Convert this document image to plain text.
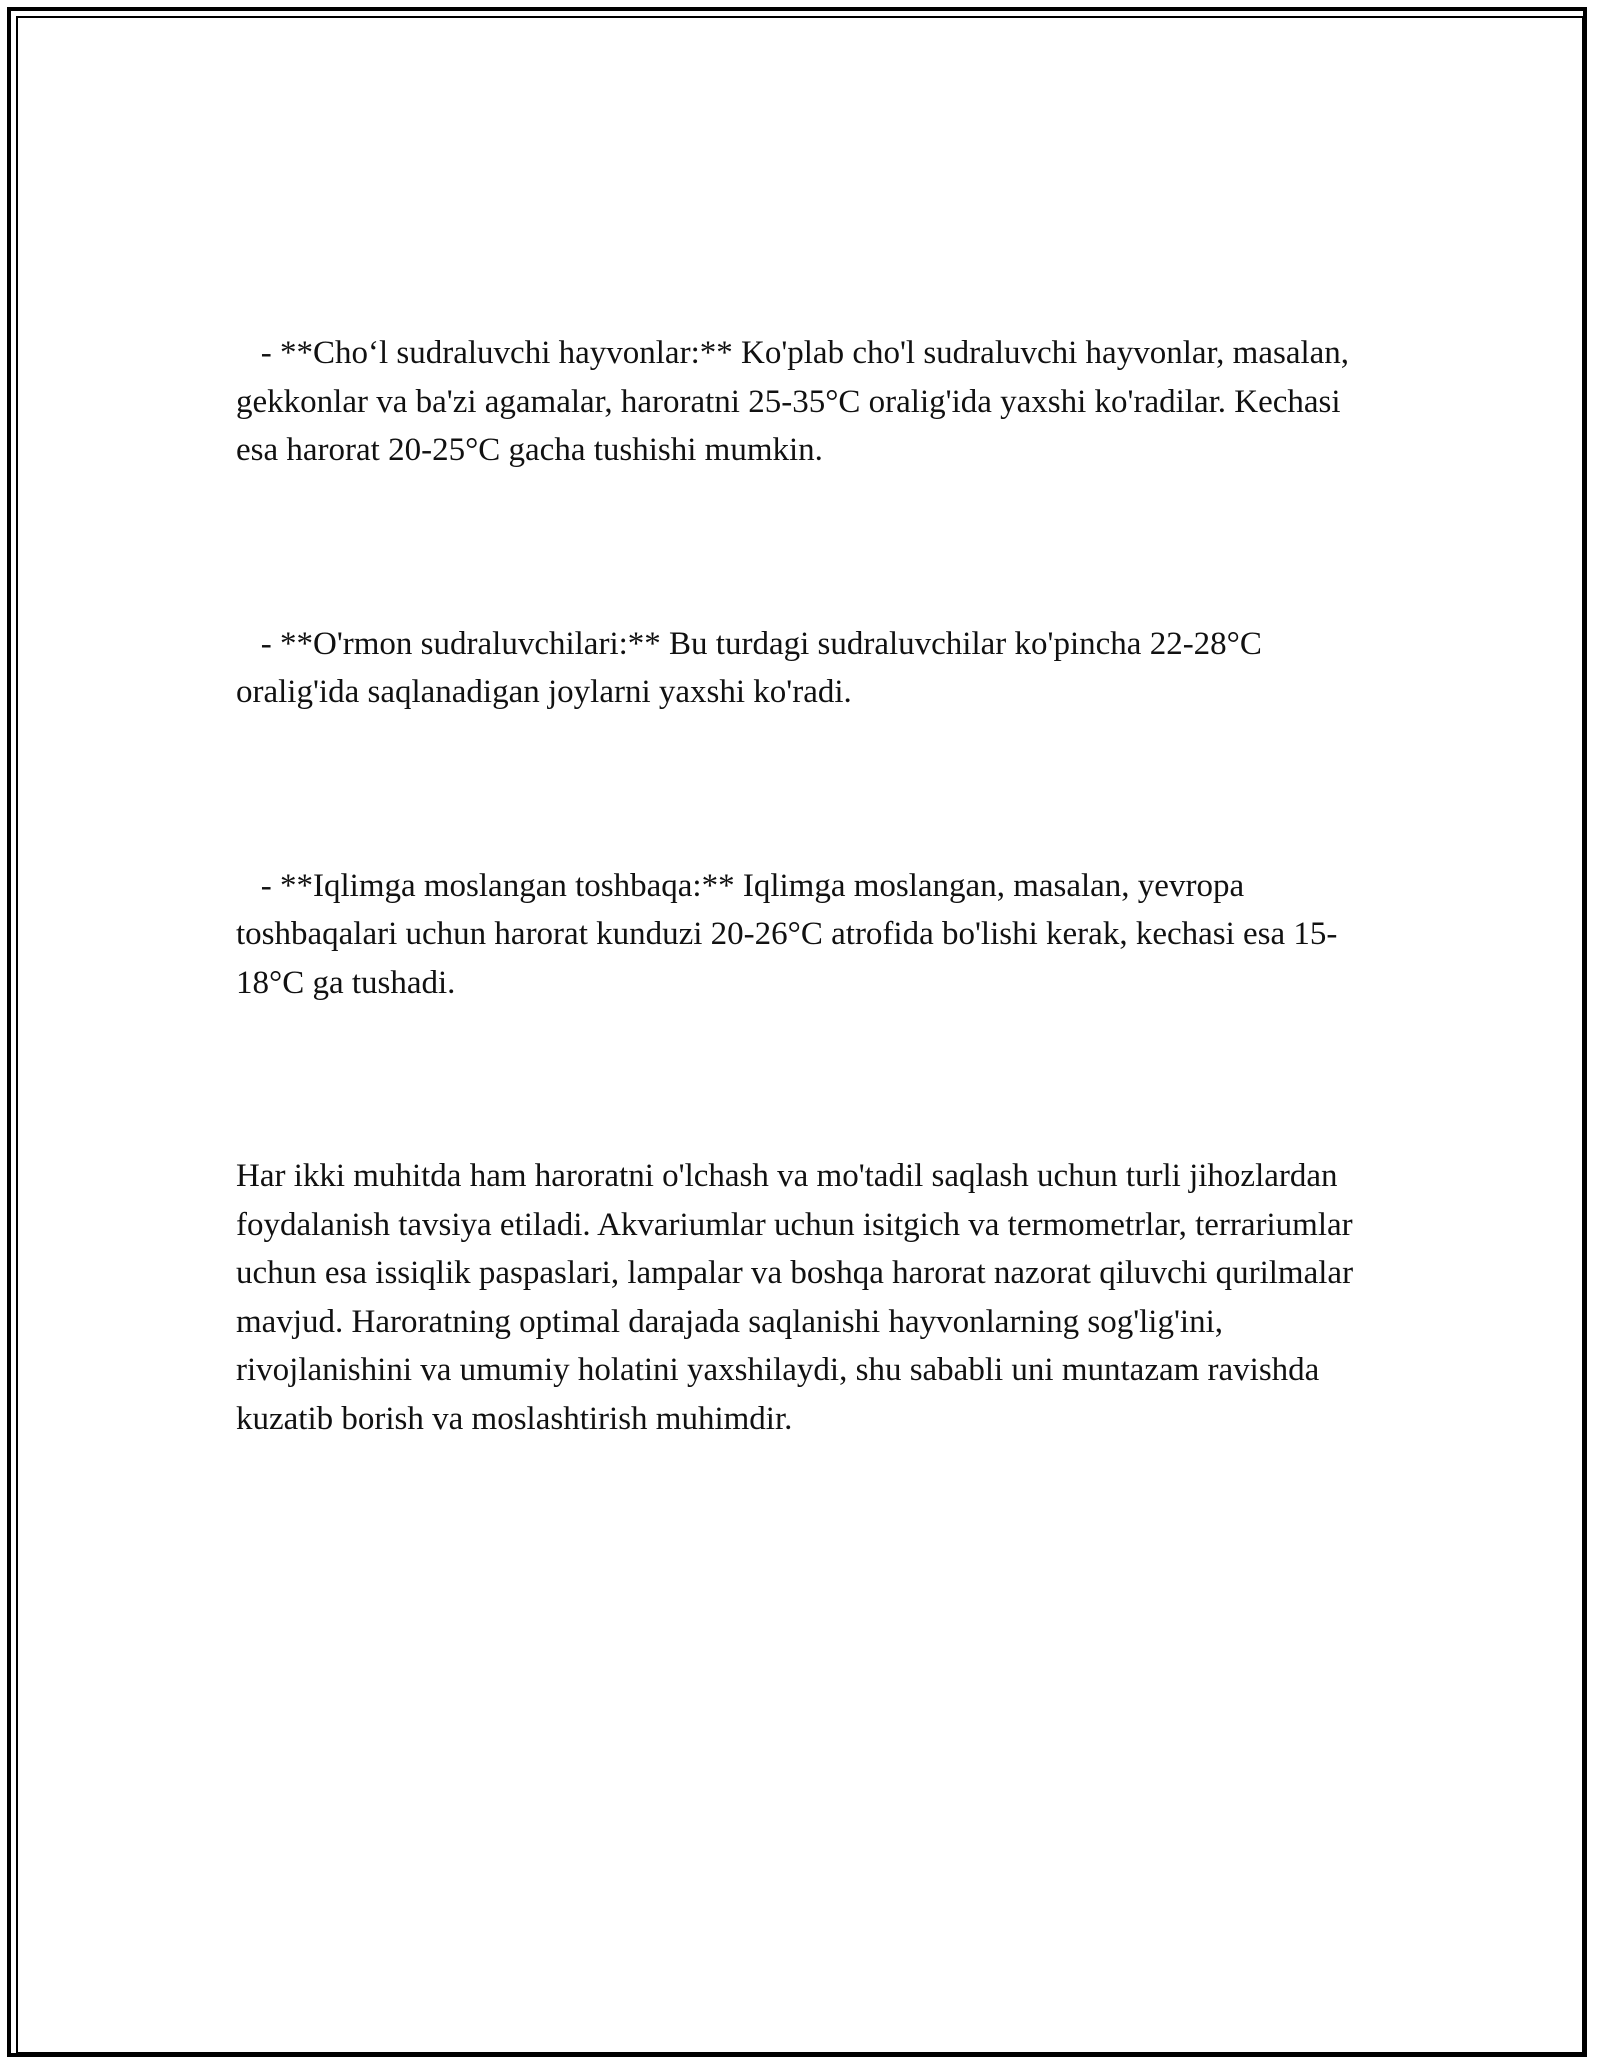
- **Cho‘l sudraluvchi hayvonlar:** Ko'plab cho'l sudraluvchi hayvonlar, masalan, gekkonlar va ba'zi agamalar, haroratni 25-35°C oralig'ida yaxshi ko'radilar. Kechasi esa harorat 20-25°C gacha tushishi mumkin.

- **O'rmon sudraluvchilari:** Bu turdagi sudraluvchilar ko'pincha 22-28°C oralig'ida saqlanadigan joylarni yaxshi ko'radi.

- **Iqlimga moslangan toshbaqa:** Iqlimga moslangan, masalan, yevropa toshbaqalari uchun harorat kunduzi 20-26°C atrofida bo'lishi kerak, kechasi esa 15-18°C ga tushadi.

Har ikki muhitda ham haroratni o'lchash va mo'tadil saqlash uchun turli jihozlardan foydalanish tavsiya etiladi. Akvariumlar uchun isitgich va termometrlar, terrariumlar uchun esa issiqlik paspaslari, lampalar va boshqa harorat nazorat qiluvchi qurilmalar mavjud. Haroratning optimal darajada saqlanishi hayvonlarning sog'lig'ini, rivojlanishini va umumiy holatini yaxshilaydi, shu sababli uni muntazam ravishda kuzatib borish va moslashtirish muhimdir.
